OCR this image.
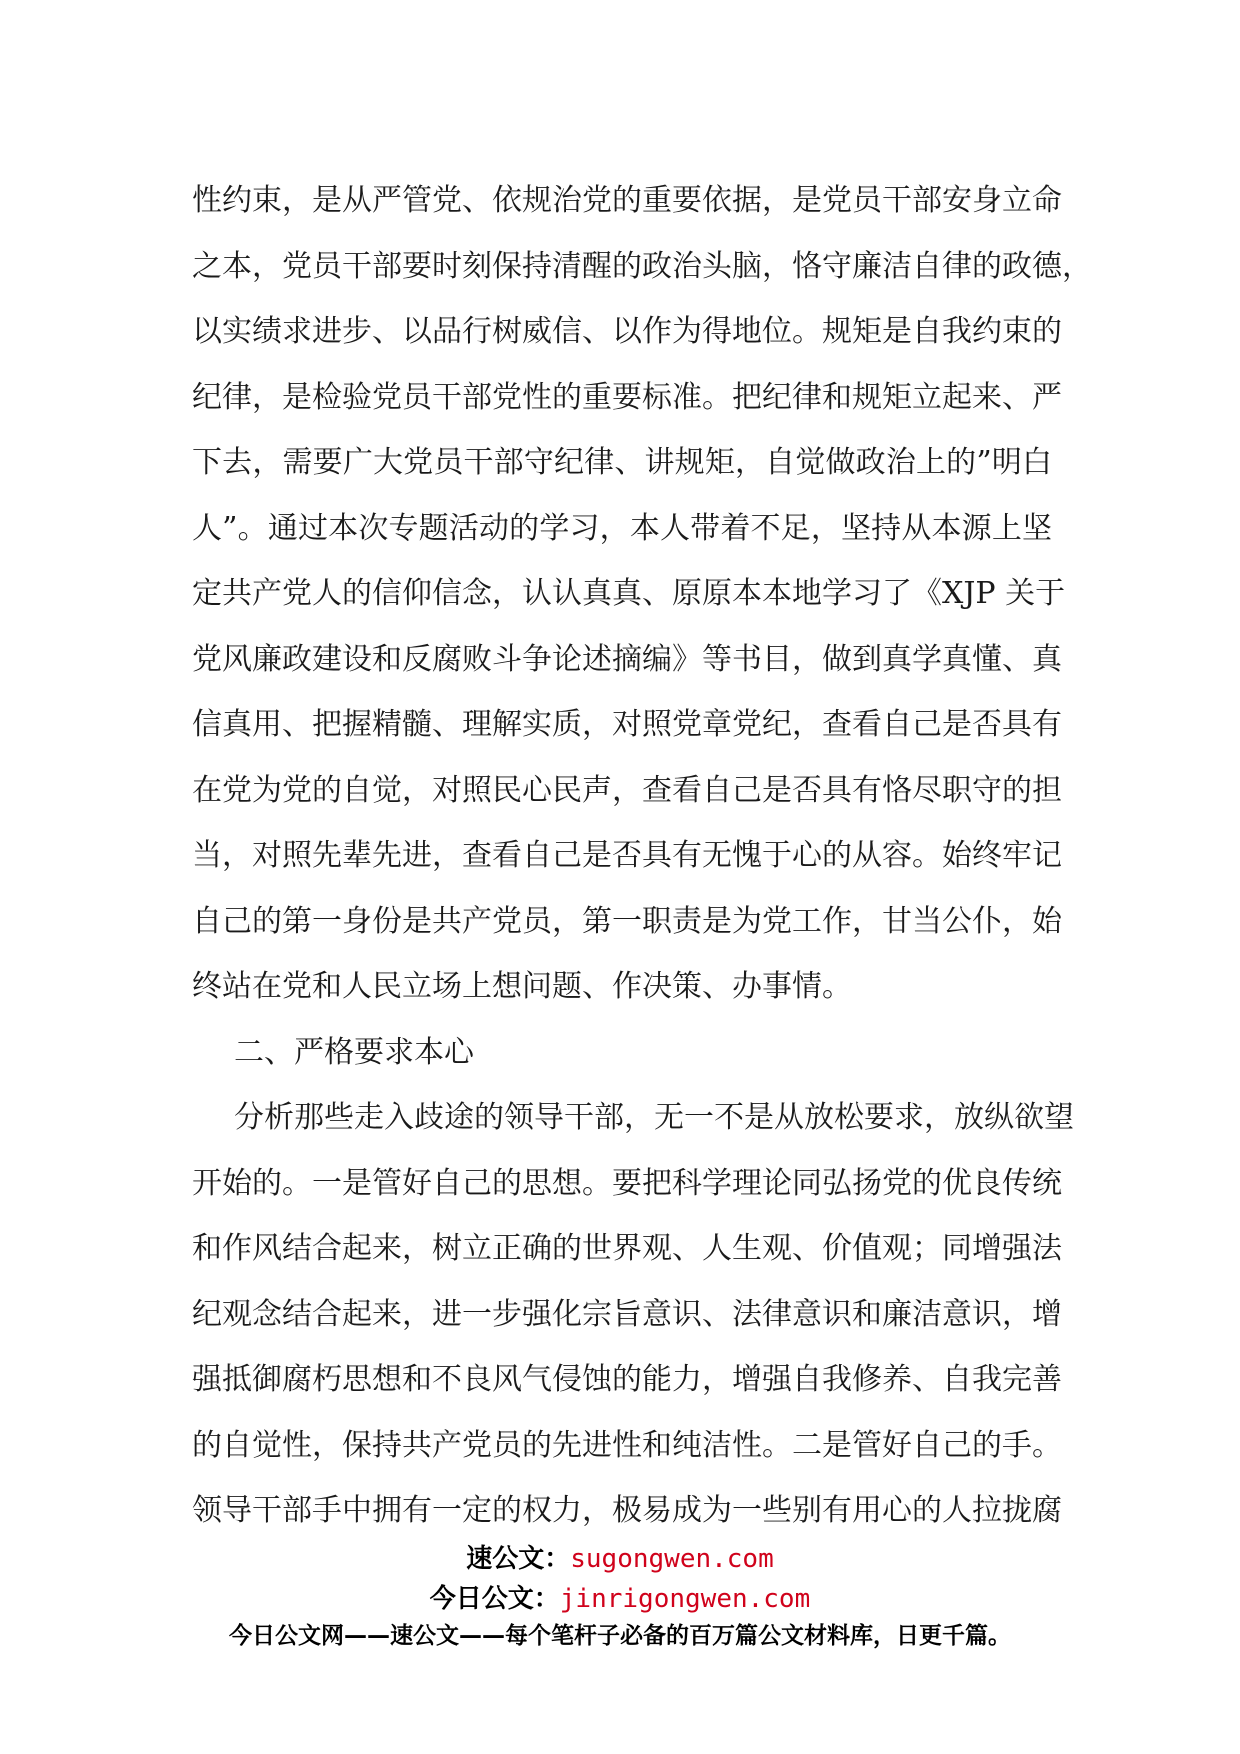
性约束，是从严管党、依规治党的重要依据，是党员干部安身立命
之本，党员干部要时刻保持清醒的政治头脑，恪守廉洁自律的政德，
以实绩求进步、以品行树威信、以作为得地位。规矩是自我约束的
纪律，是检验党员干部党性的重要标准。把纪律和规矩立起来、严
下去，需要广大党员干部守纪律、讲规矩，自觉做政治上的”明白
人”。通过本次专题活动的学习，本人带着不足，坚持从本源上坚
定共产党人的信仰信念，认认真真、原原本本地学习了《XJP 关于
党风廉政建设和反腐败斗争论述摘编》等书目，做到真学真懂、真
信真用、把握精髓、理解实质，对照党章党纪，查看自己是否具有
在党为党的自觉，对照民心民声，查看自己是否具有恪尽职守的担
当，对照先辈先进，查看自己是否具有无愧于心的从容。始终牢记
自己的第一身份是共产党员，第一职责是为党工作，甘当公仆，始
终站在党和人民立场上想问题、作决策、办事情。
二、严格要求本心
分析那些走入歧途的领导干部，无一不是从放松要求，放纵欲望
开始的。一是管好自己的思想。要把科学理论同弘扬党的优良传统
和作风结合起来，树立正确的世界观、人生观、价值观；同增强法
纪观念结合起来，进一步强化宗旨意识、法律意识和廉洁意识，增
强抵御腐朽思想和不良风气侵蚀的能力，增强自我修养、自我完善
的自觉性，保持共产党员的先进性和纯洁性。二是管好自己的手。
领导干部手中拥有一定的权力，极易成为一些别有用心的人拉拢腐
速公文：sugongwen.com
今日公文：jinrigongwen.com
今日公文网——速公文——每个笔杆子必备的百万篇公文材料库，日更千篇。
